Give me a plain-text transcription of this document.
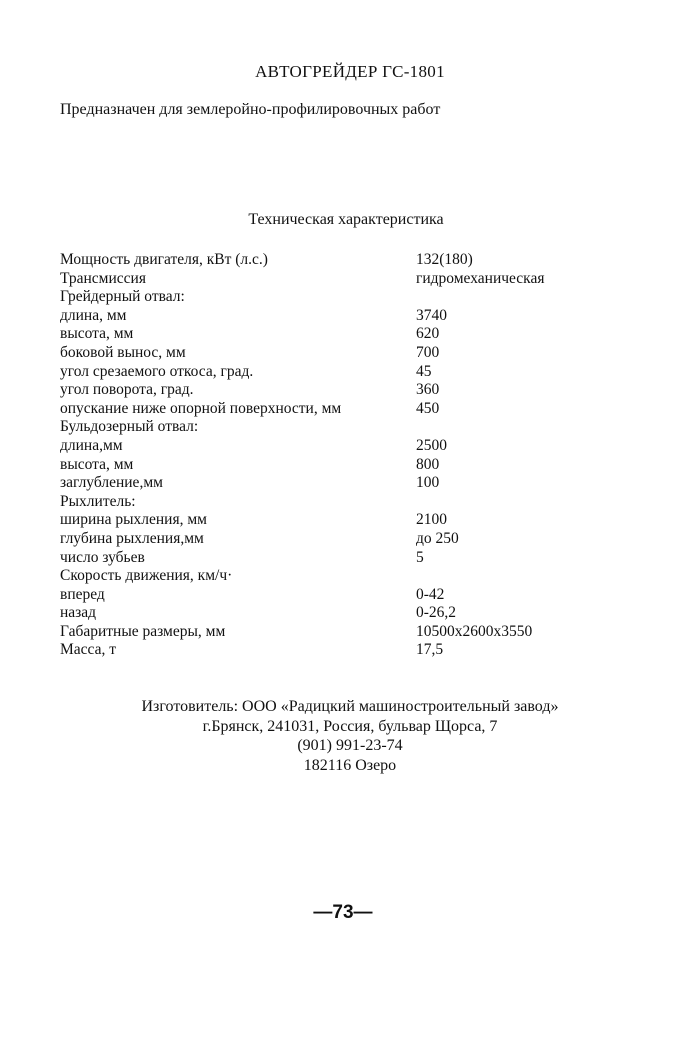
АВТОГРЕЙДЕР ГС-1801
Предназначен для землеройно-профилировочных работ
Техническая характеристика
Мощность двигателя, кВт (л.с.)	132(180)
Трансмиссия	гидромеханическая
Грейдерный отвал:
длина, мм	3740
высота, мм	620
боковой вынос, мм	700
угол срезаемого откоса, град.	45
угол поворота, град.	360
опускание ниже опорной поверхности, мм	450
Бульдозерный отвал:
длина,мм	2500
высота, мм	800
заглубление,мм	100
Рыхлитель:
ширина рыхления, мм	2100
глубина рыхления,мм	до 250
число зубьев	5
Скорость движения, км/ч·
вперед	0-42
назад	0-26,2
Габаритные размеры, мм	10500x2600x3550
Масса, т	17,5
Изготовитель: ООО «Радицкий машиностроительный завод»
г.Брянск, 241031, Россия, бульвар Щорса, 7
(901) 991-23-74
182116 Озеро
—73—
